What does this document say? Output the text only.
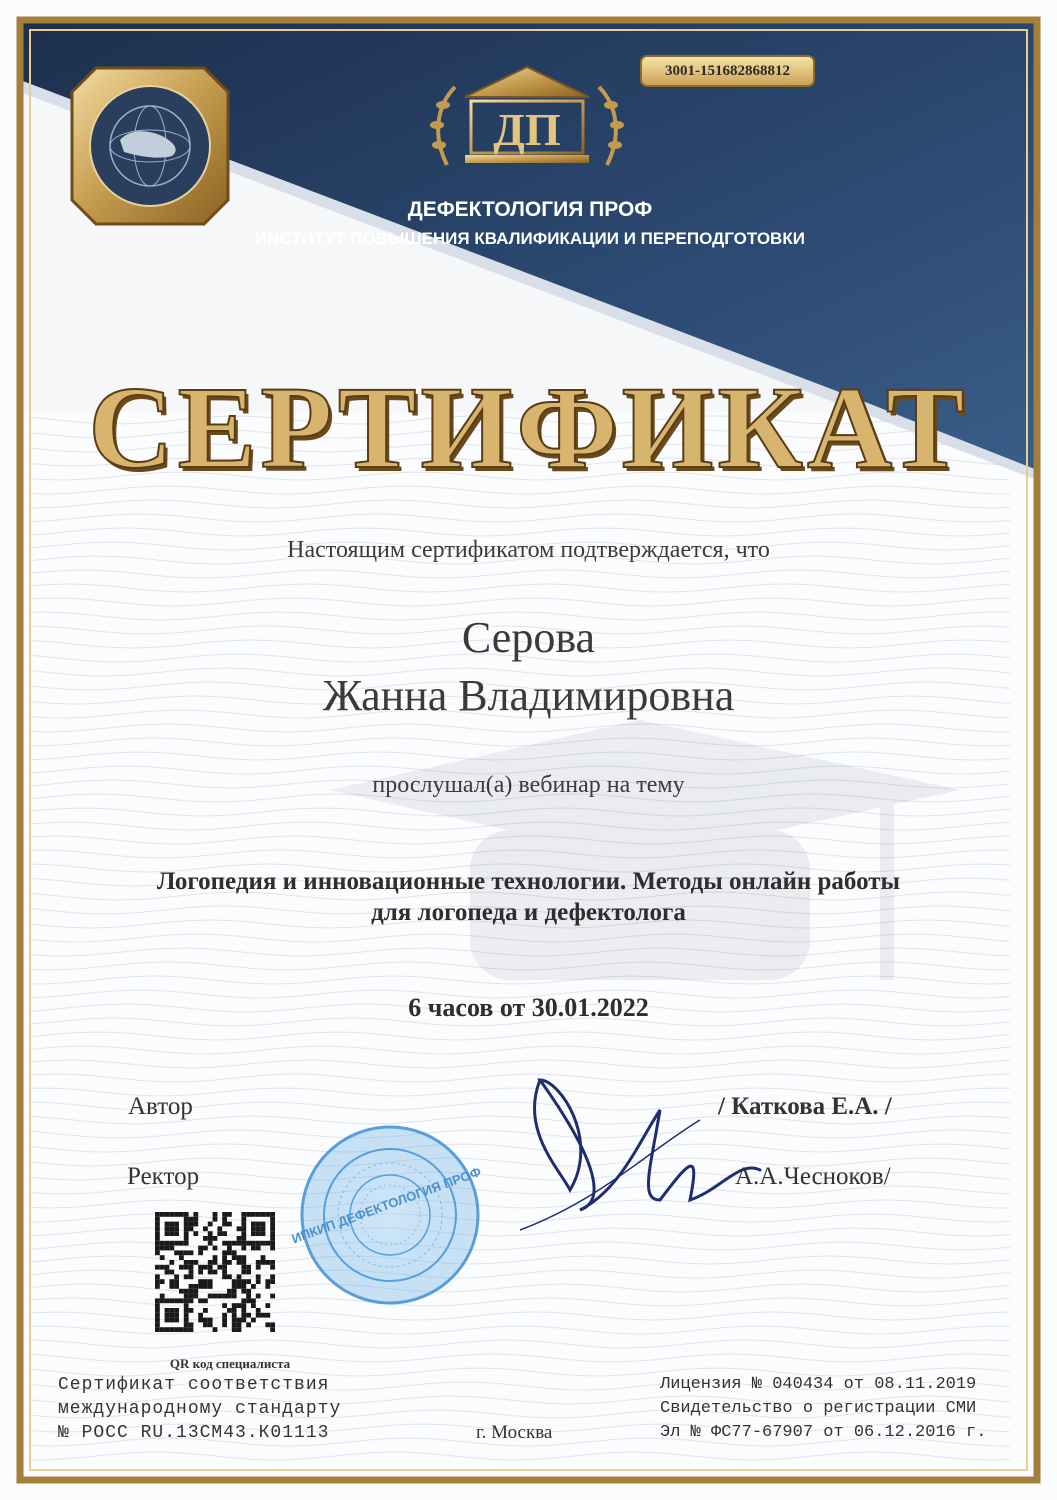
ИПКИП ДЕФЕКТОЛОГИЯ ПРОФ
3001-151682868812
ДП
ДЕФЕКТОЛОГИЯ ПРОФ
ИНСТИТУТ ПОВЫШЕНИЯ КВАЛИФИКАЦИИ И ПЕРЕПОДГОТОВКИ
СЕРТИФИКАТ
Настоящим сертификатом подтверждается, что
Серова
Жанна Владимировна
прослушал(а) вебинар на тему
Логопедия и инновационные технологии. Методы онлайн работы
для логопеда и дефектолога
6 часов от 30.01.2022
Автор	/ Каткова Е.А. /
Ректор	А.А.Чесноков/
QR код специалиста
Сертификат соответствия
международному стандарту
№ РОСС RU.13СМ43.К01113	г. Москва
Лицензия № 040434 от 08.11.2019
Свидетельство о регистрации СМИ
Эл № ФС77-67907 от 06.12.2016 г.
